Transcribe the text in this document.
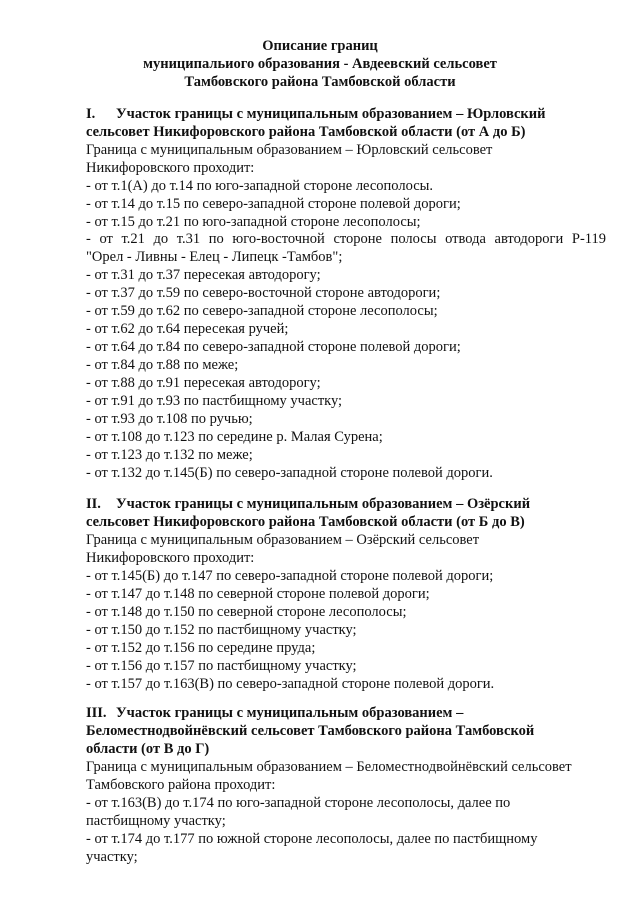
Описание границ
муниципальиого образования - Авдеевский сельсовет
Тамбовского района Тамбовской области
I. Участок границы с муниципальным образованием – Юрловский
сельсовет Никифоровского района Тамбовской области (от А до Б)
Граница с муниципальным образованием – Юрловский сельсовет
Никифоровского проходит:
- от т.1(А) до т.14 по юго-западной стороне лесополосы.
- от т.14 до т.15 по северо-западной стороне полевой дороги;
- от т.15 до т.21 по юго-западной стороне лесополосы;
- от т.21 до т.31 по юго-восточной стороне полосы отвода автодороги Р-119
"Орел - Ливны - Елец - Липецк -Тамбов";
- от т.31 до т.37 пересекая автодорогу;
- от т.37 до т.59 по северо-восточной стороне автодороги;
- от т.59 до т.62 по северо-западной стороне лесополосы;
- от т.62 до т.64 пересекая ручей;
- от т.64 до т.84 по северо-западной стороне полевой дороги;
- от т.84 до т.88 по меже;
- от т.88 до т.91 пересекая автодорогу;
- от т.91 до т.93 по пастбищному участку;
- от т.93 до т.108 по ручью;
- от т.108 до т.123 по середине р. Малая Сурена;
- от т.123 до т.132 по меже;
- от т.132 до т.145(Б) по северо-западной стороне полевой дороги.
II. Участок границы с муниципальным образованием – Озёрский
сельсовет Никифоровского района Тамбовской области (от Б до В)
Граница с муниципальным образованием – Озёрский сельсовет
Никифоровского проходит:
- от т.145(Б) до т.147 по северо-западной стороне полевой дороги;
- от т.147 до т.148 по северной стороне полевой дороги;
- от т.148 до т.150 по северной стороне лесополосы;
- от т.150 до т.152 по пастбищному участку;
- от т.152 до т.156 по середине пруда;
- от т.156 до т.157 по пастбищному участку;
- от т.157 до т.163(В) по северо-западной стороне полевой дороги.
III. Участок границы с муниципальным образованием –
Беломестнодвойнёвский сельсовет Тамбовского района Тамбовской
области (от В до Г)
Граница с муниципальным образованием – Беломестнодвойнёвский сельсовет
Тамбовского района проходит:
- от т.163(В) до т.174 по юго-западной стороне лесополосы, далее по
пастбищному участку;
- от т.174 до т.177 по южной стороне лесополосы, далее по пастбищному
участку;
